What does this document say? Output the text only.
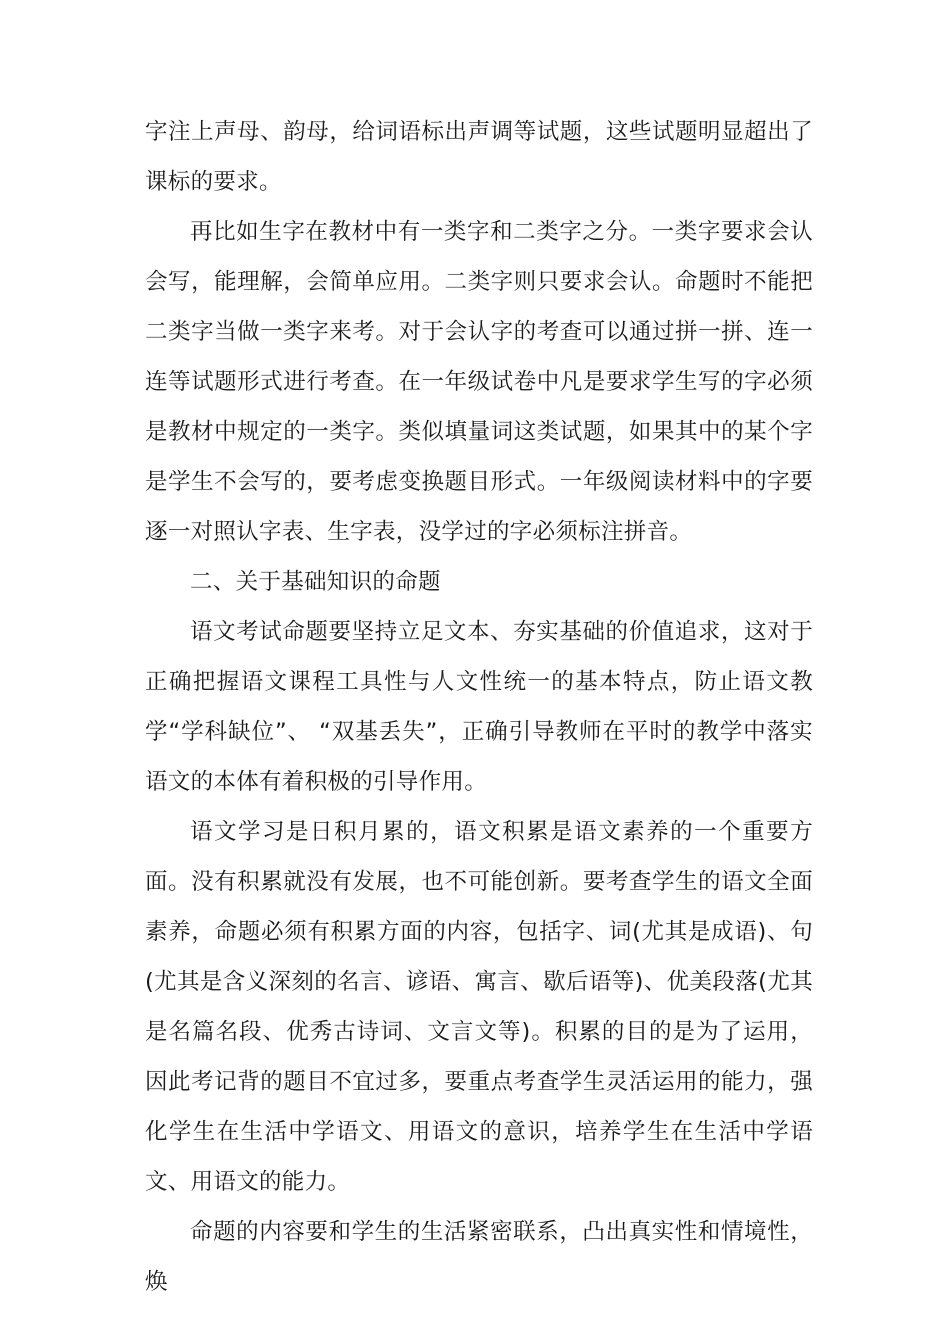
字注上声母、韵母，给词语标出声调等试题，这些试题明显超出了课标的要求。

再比如生字在教材中有一类字和二类字之分。一类字要求会认会写，能理解，会简单应用。二类字则只要求会认。命题时不能把二类字当做一类字来考。对于会认字的考查可以通过拼一拼、连一连等试题形式进行考查。在一年级试卷中凡是要求学生写的字必须是教材中规定的一类字。类似填量词这类试题，如果其中的某个字是学生不会写的，要考虑变换题目形式。一年级阅读材料中的字要逐一对照认字表、生字表，没学过的字必须标注拼音。

二、关于基础知识的命题

语文考试命题要坚持立足文本、夯实基础的价值追求，这对于正确把握语文课程工具性与人文性统一的基本特点，防止语文教学“学科缺位”、 “双基丢失”，正确引导教师在平时的教学中落实语文的本体有着积极的引导作用。

语文学习是日积月累的，语文积累是语文素养的一个重要方面。没有积累就没有发展，也不可能创新。要考查学生的语文全面素养，命题必须有积累方面的内容，包括字、词(尤其是成语)、句(尤其是含义深刻的名言、谚语、寓言、歇后语等)、优美段落(尤其是名篇名段、优秀古诗词、文言文等)。积累的目的是为了运用，因此考记背的题目不宜过多，要重点考查学生灵活运用的能力，强化学生在生活中学语文、用语文的意识，培养学生在生活中学语文、用语文的能力。

命题的内容要和学生的生活紧密联系，凸出真实性和情境性，焕
